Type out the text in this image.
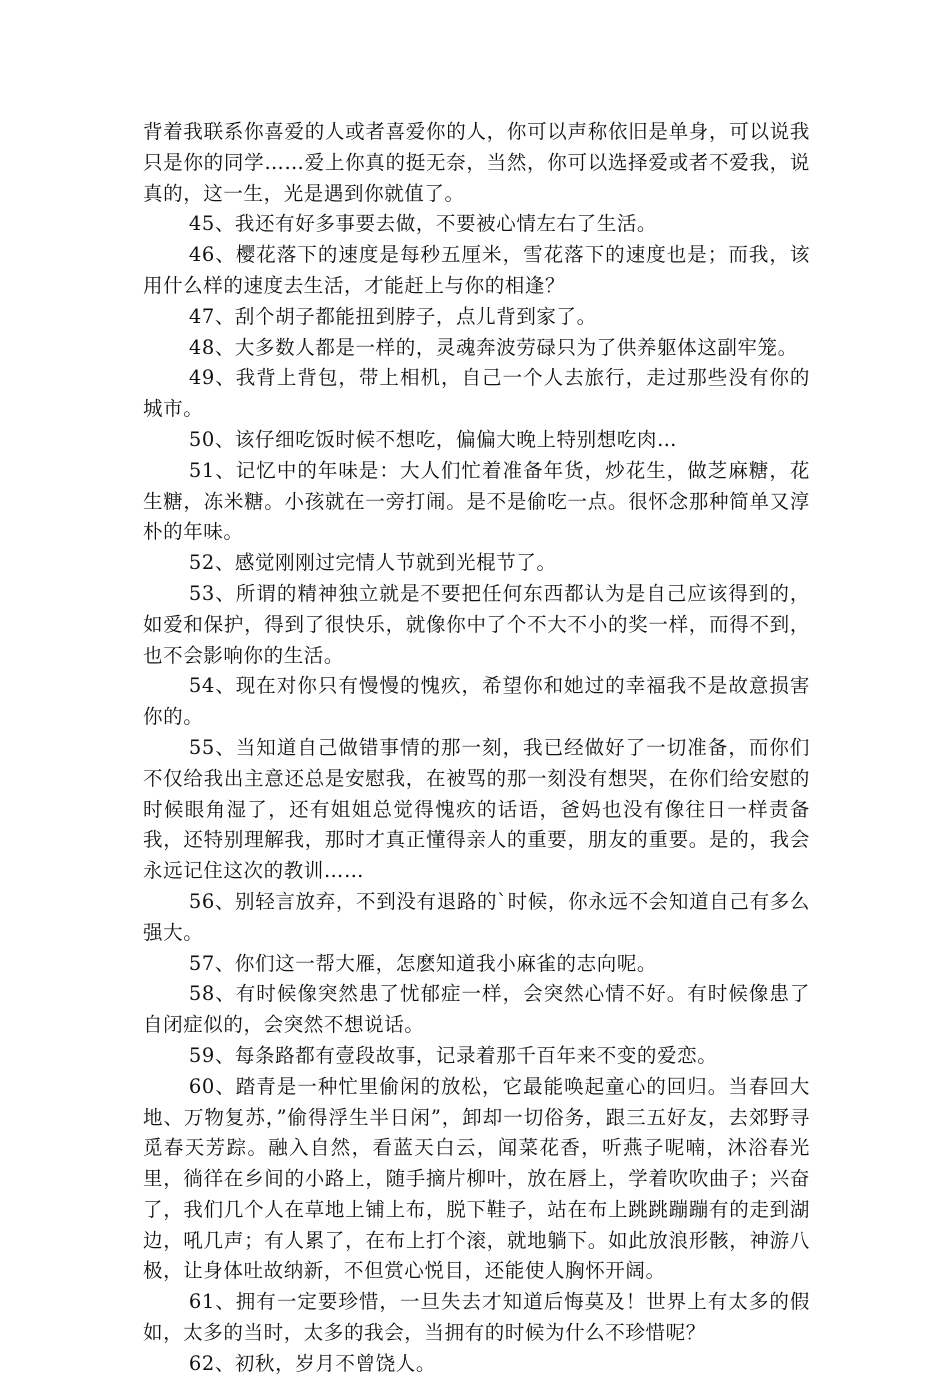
背着我联系你喜爱的人或者喜爱你的人，你可以声称依旧是单身，可以说我只是你的同学……爱上你真的挺无奈，当然，你可以选择爱或者不爱我，说真的，这一生，光是遇到你就值了。

45、我还有好多事要去做，不要被心情左右了生活。

46、樱花落下的速度是每秒五厘米，雪花落下的速度也是；而我，该用什么样的速度去生活，才能赶上与你的相逢？

47、刮个胡子都能扭到脖子，点儿背到家了。

48、大多数人都是一样的，灵魂奔波劳碌只为了供养躯体这副牢笼。

49、我背上背包，带上相机，自己一个人去旅行，走过那些没有你的城市。

50、该仔细吃饭时候不想吃，偏偏大晚上特别想吃肉…

51、记忆中的年味是：大人们忙着准备年货，炒花生，做芝麻糖，花生糖，冻米糖。小孩就在一旁打闹。是不是偷吃一点。很怀念那种简单又淳朴的年味。

52、感觉刚刚过完情人节就到光棍节了。

53、所谓的精神独立就是不要把任何东西都认为是自己应该得到的，如爱和保护，得到了很快乐，就像你中了个不大不小的奖一样，而得不到，也不会影响你的生活。

54、现在对你只有慢慢的愧疚，希望你和她过的幸福我不是故意损害你的。

55、当知道自己做错事情的那一刻，我已经做好了一切准备，而你们不仅给我出主意还总是安慰我，在被骂的那一刻没有想哭，在你们给安慰的时候眼角湿了，还有姐姐总觉得愧疚的话语，爸妈也没有像往日一样责备我，还特别理解我，那时才真正懂得亲人的重要，朋友的重要。是的，我会永远记住这次的教训……

56、别轻言放弃，不到没有退路的`时候，你永远不会知道自己有多么强大。

57、你们这一帮大雁，怎麽知道我小麻雀的志向呢。

58、有时候像突然患了忧郁症一样，会突然心情不好。有时候像患了自闭症似的，会突然不想说话。

59、每条路都有壹段故事，记录着那千百年来不变的爱恋。

60、踏青是一种忙里偷闲的放松，它最能唤起童心的回归。当春回大地、万物复苏，”偷得浮生半日闲”，卸却一切俗务，跟三五好友，去郊野寻觅春天芳踪。融入自然，看蓝天白云，闻菜花香，听燕子呢喃，沐浴春光里，徜徉在乡间的小路上，随手摘片柳叶，放在唇上，学着吹吹曲子；兴奋了，我们几个人在草地上铺上布，脱下鞋子，站在布上跳跳蹦蹦有的走到湖边，吼几声；有人累了，在布上打个滚，就地躺下。如此放浪形骸，神游八极，让身体吐故纳新，不但赏心悦目，还能使人胸怀开阔。

61、拥有一定要珍惜，一旦失去才知道后悔莫及！世界上有太多的假如，太多的当时，太多的我会，当拥有的时候为什么不珍惜呢？

62、初秋，岁月不曾饶人。
